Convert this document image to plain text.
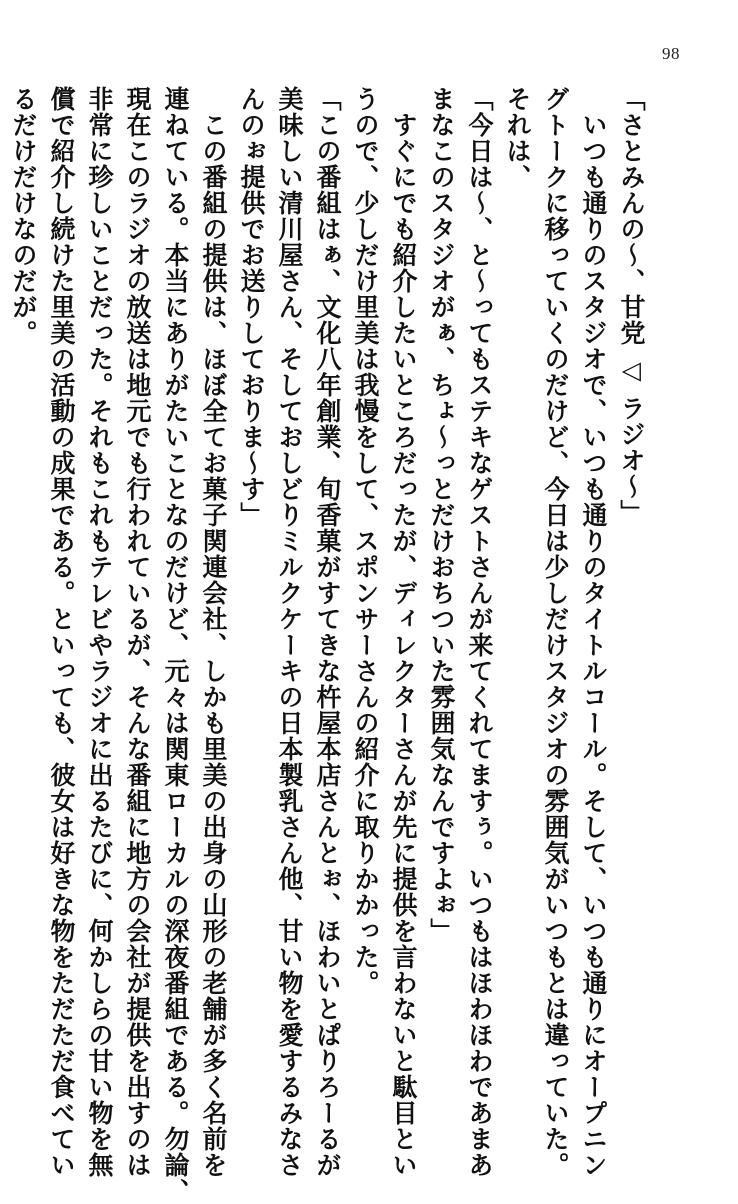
98

「さとみんの～、甘党 ◁ ラジオ～」

　いつも通りのスタジオで、いつも通りのタイトルコール。そして、いつも通りにオープニン

グトークに移っていくのだけど、今日は少しだけスタジオの雰囲気がいつもとは違っていた。

それは、

「今日は～、と～ってもステキなゲストさんが来てくれてますぅ。いつもはほわほわであまあ

まなこのスタジオがぁ、ちょ～っとだけおちついた雰囲気なんですよぉ」

　すぐにでも紹介したいところだったが、ディレクターさんが先に提供を言わないと駄目とい

うので、少しだけ里美は我慢をして、スポンサーさんの紹介に取りかかった。

「この番組はぁ、文化八年創業、旬香菓がすてきな杵屋本店さんとぉ、ほわいとぱりろーるが

美味しい清川屋さん、そしておしどりミルクケーキの日本製乳さん他、甘い物を愛するみなさ

んのぉ提供でお送りしておりま～す」

　この番組の提供は、ほぼ全てお菓子関連会社、しかも里美の出身の山形の老舗が多く名前を

連ねている。本当にありがたいことなのだけど、元々は関東ローカルの深夜番組である。勿論、

現在このラジオの放送は地元でも行われているが、そんな番組に地方の会社が提供を出すのは

非常に珍しいことだった。それもこれもテレビやラジオに出るたびに、何かしらの甘い物を無

償で紹介し続けた里美の活動の成果である。といっても、彼女は好きな物をただただ食べてい

るだけだけなのだが。
